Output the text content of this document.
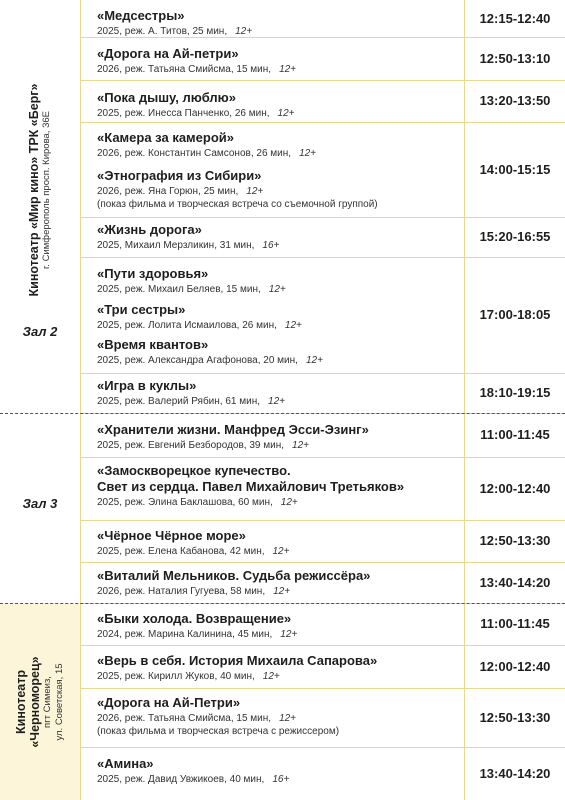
12:15-12:40
«Медсестры»
2025, реж. А. Титов, 25 мин, 12+
12:50-13:10
«Дорога на Ай-петри»
2026, реж. Татьяна Смийсма, 15 мин, 12+
13:20-13:50
«Пока дышу, люблю»
2025, реж. Инесса Панченко, 26 мин, 12+
14:00-15:15
«Камера за камерой»
2026, реж. Константин Самсонов, 26 мин, 12+
«Этнография из Сибири»
2026, реж. Яна Горюн, 25 мин, 12+
(показ фильма и творческая встреча со съемочной группой)
15:20-16:55
«Жизнь дорога»
2025, Михаил Мерзликин, 31 мин, 16+
17:00-18:05
«Пути здоровья»
2025, реж. Михаил Беляев, 15 мин, 12+
«Три сестры»
2025, реж. Лолита Исмаилова, 26 мин, 12+
«Время квантов»
2025, реж. Александра Агафонова, 20 мин, 12+
18:10-19:15
«Игра в куклы»
2025, реж. Валерий Рябин, 61 мин, 12+
11:00-11:45
«Хранители жизни. Манфред Эсси-Эзинг»
2025, реж. Евгений Безбородов, 39 мин, 12+
12:00-12:40
«Замоскворецкое купечество.
Свет из сердца. Павел Михайлович Третьяков»
2025, реж. Элина Баклашова, 60 мин, 12+
12:50-13:30
«Чёрное Чёрное море»
2025, реж. Елена Кабанова, 42 мин, 12+
13:40-14:20
«Виталий Мельников. Судьба режиссёра»
2026, реж. Наталия Гугуева, 58 мин, 12+
11:00-11:45
«Быки холода. Возвращение»
2024, реж. Марина Калинина, 45 мин, 12+
12:00-12:40
«Верь в себя. История Михаила Сапарова»
2025, реж. Кирилл Жуков, 40 мин, 12+
12:50-13:30
«Дорога на Ай-Петри»
2026, реж. Татьяна Смийсма, 15 мин, 12+
(показ фильма и творческая встреча с режиссером)
13:40-14:20
«Амина»
2025, реж. Давид Увжикоев, 40 мин, 16+
Зал 2
Зал 3
Кинотеатр «Мир кино» ТРК «Берг» г. Симферополь просп. Кирова, 36Е
Кинотеатр «Черноморец» пгт Симеиз, ул. Советская, 15
